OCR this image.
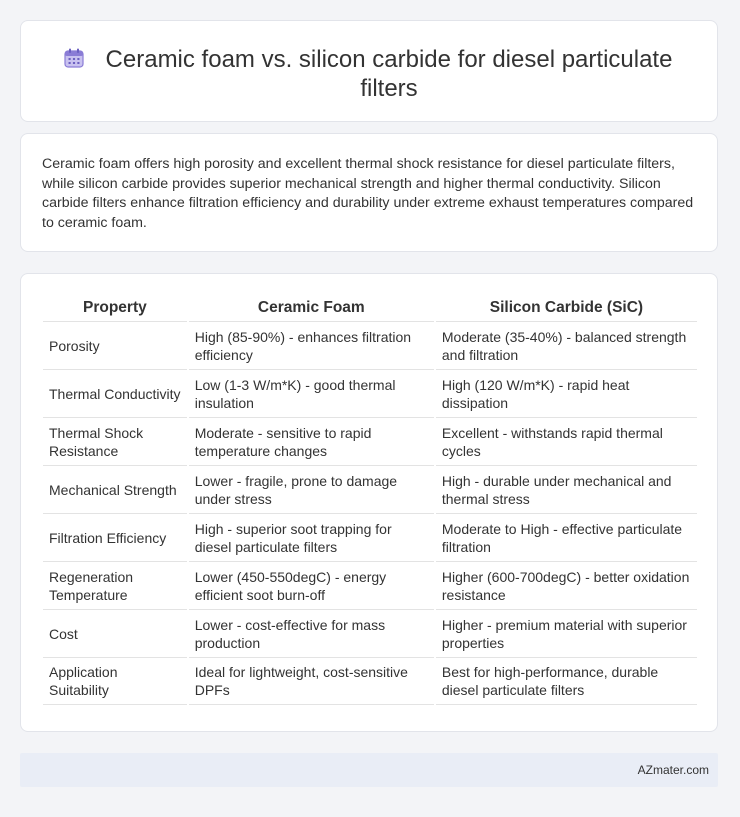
Ceramic foam vs. silicon carbide for diesel particulate filters

Ceramic foam offers high porosity and excellent thermal shock resistance for diesel particulate filters, while silicon carbide provides superior mechanical strength and higher thermal conductivity. Silicon carbide filters enhance filtration efficiency and durability under extreme exhaust temperatures compared to ceramic foam.

Property	Ceramic Foam	Silicon Carbide (SiC)
Porosity	High (85-90%) - enhances filtration efficiency	Moderate (35-40%) - balanced strength and filtration
Thermal Conductivity	Low (1-3 W/m*K) - good thermal insulation	High (120 W/m*K) - rapid heat dissipation
Thermal Shock Resistance	Moderate - sensitive to rapid temperature changes	Excellent - withstands rapid thermal cycles
Mechanical Strength	Lower - fragile, prone to damage under stress	High - durable under mechanical and thermal stress
Filtration Efficiency	High - superior soot trapping for diesel particulate filters	Moderate to High - effective particulate filtration
Regeneration Temperature	Lower (450-550degC) - energy efficient soot burn-off	Higher (600-700degC) - better oxidation resistance
Cost	Lower - cost-effective for mass production	Higher - premium material with superior properties
Application Suitability	Ideal for lightweight, cost-sensitive DPFs	Best for high-performance, durable diesel particulate filters
AZmater.com
